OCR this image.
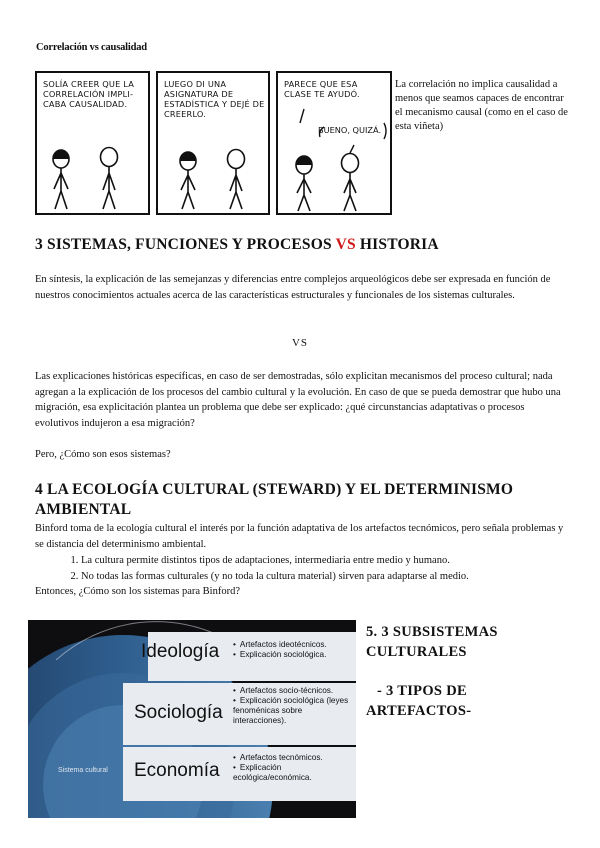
Correlación vs causalidad
SOLÍA CREER QUE LA CORRELACIÓN IMPLI- CABA CAUSALIDAD.
LUEGO DI UNA ASIGNATURA DE ESTADÍSTICA Y DEJÉ DE CREERLO.
PARECE QUE ESA CLASE TE AYUDÓ.
BUENO, QUIZÁ.
La correlación no implica causalidad a menos que seamos capaces de encontrar el mecanismo causal (como en el caso de esta viñeta)
3 SISTEMAS, FUNCIONES Y PROCESOS VS HISTORIA
En síntesis, la explicación de las semejanzas y diferencias entre complejos arqueológicos debe ser expresada en función de nuestros conocimientos actuales acerca de las características estructurales y funcionales de los sistemas culturales.
VS
Las explicaciones históricas específicas, en caso de ser demostradas, sólo explicitan mecanismos del proceso cultural; nada agregan a la explicación de los procesos del cambio cultural y la evolución. En caso de que se pueda demostrar que hubo una migración, esa explicitación plantea un problema que debe ser explicado: ¿qué circunstancias adaptativas o procesos evolutivos indujeron a esa migración?
Pero, ¿Cómo son esos sistemas?
4 LA ECOLOGÍA CULTURAL (STEWARD) Y EL DETERMINISMO AMBIENTAL
Binford toma de la ecología cultural el interés por la función adaptativa de los artefactos tecnómicos, pero señala problemas y se distancia del determinismo ambiental.
1. La cultura permite distintos tipos de adaptaciones, intermediaria entre medio y humano.
2. No todas las formas culturales (y no toda la cultura material) sirven para adaptarse al medio.
Entonces, ¿Cómo son los sistemas para Binford?
Ideología
•	Artefactos ideotécnicos.
• Explicación sociológica.
Sociología
• Artefactos socio-técnicos.
• Explicación sociológica (leyes fenoménicas sobre interacciones).
Economía
• Artefactos tecnómicos.
• Explicación ecológica/económica.
Sistema cultural
5. 3 SUBSISTEMAS
CULTURALES
- 3 TIPOS DE
ARTEFACTOS-
